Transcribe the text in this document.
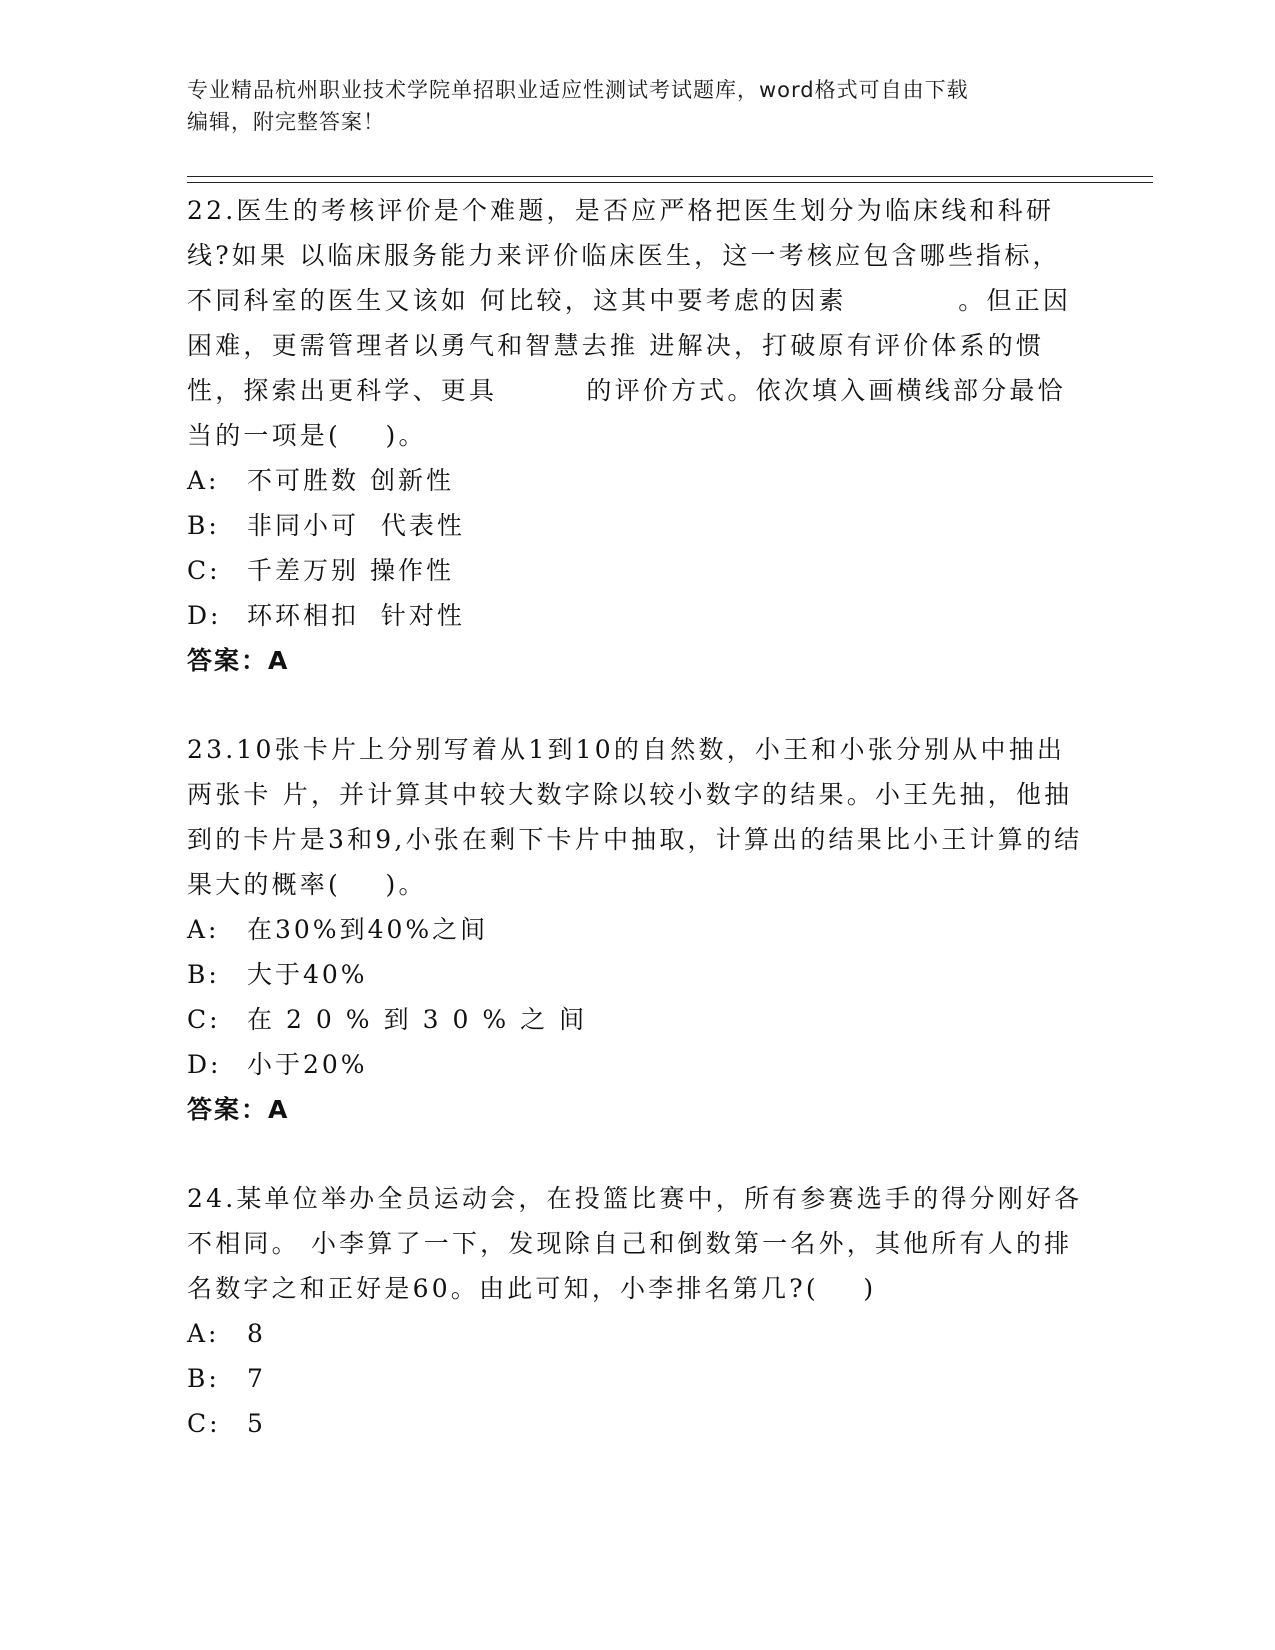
专业精品杭州职业技术学院单招职业适应性测试考试题库，word格式可自由下载
编辑，附完整答案！

22.医生的考核评价是个难题，是否应严格把医生划分为临床线和科研线?如果 以临床服务能力来评价临床医生，这一考核应包含哪些指标，不同科室的医生又该如 何比较，这其中要考虑的因素          。但正因困难，更需管理者以勇气和智慧去推 进解决，打破原有评价体系的惯性，探索出更科学、更具        的评价方式。依次填入画横线部分最恰当的一项是(    )。

A:	不可胜数 创新性
B:	非同小可  代表性
C:	千差万别 操作性
D:	环环相扣  针对性

答案：A

23.10张卡片上分别写着从1到10的自然数，小王和小张分别从中抽出两张卡 片，并计算其中较大数字除以较小数字的结果。小王先抽，他抽到的卡片是3和9,小张在剩下卡片中抽取，计算出的结果比小王计算的结果大的概率(    )。

A:	在30%到40%之间
B:	大于40%
C:	在20%到30%之间
D:	小于20%

答案：A

24.某单位举办全员运动会，在投篮比赛中，所有参赛选手的得分刚好各不相同。 小李算了一下，发现除自己和倒数第一名外，其他所有人的排名数字之和正好是60。由此可知，小李排名第几?(    )

A:	8
B:	7
C:	5
